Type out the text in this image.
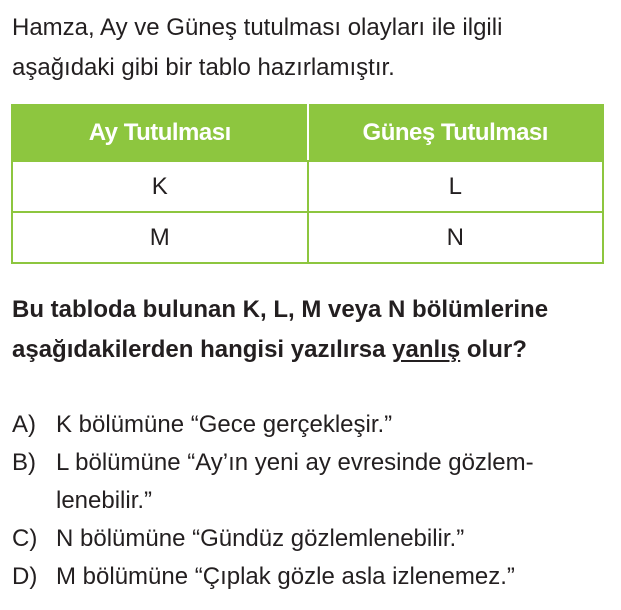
Hamza, Ay ve Güneş tutulması olayları ile ilgili
aşağıdaki gibi bir tablo hazırlamıştır.

Ay Tutulması	Güneş Tutulması
K	L
M	N

Bu tabloda bulunan K, L, M veya N bölümlerine
aşağıdakilerden hangisi yazılırsa yanlış olur?

A) K bölümüne “Gece gerçekleşir.”
B) L bölümüne “Ay’ın yeni ay evresinde gözlem-
lenebilir.”
C) N bölümüne “Gündüz gözlemlenebilir.”
D) M bölümüne “Çıplak gözle asla izlenemez.”
